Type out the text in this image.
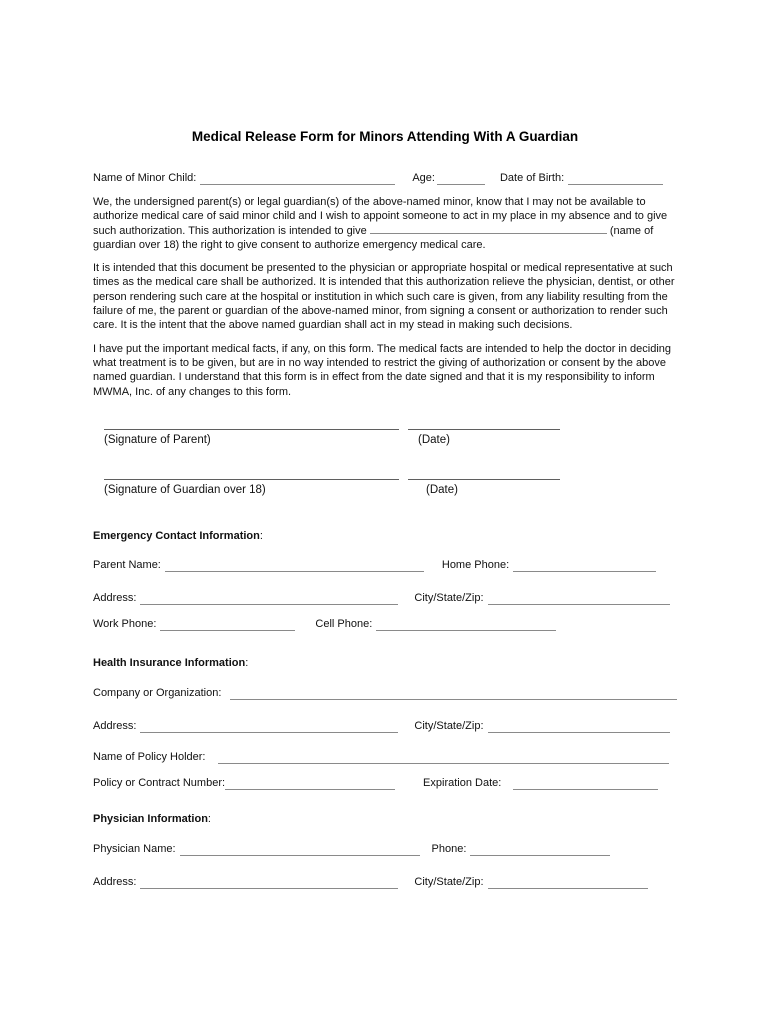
Medical Release Form for Minors Attending With A Guardian
Name of Minor Child:	Age:	Date of Birth:

We, the undersigned parent(s) or legal guardian(s) of the above-named minor, know that I may not be available to authorize medical care of said minor child and I wish to appoint someone to act in my place in my absence and to give such authorization. This authorization is intended to give	(name of guardian over 18) the right to give consent to authorize emergency medical care.

It is intended that this document be presented to the physician or appropriate hospital or medical representative at such times as the medical care shall be authorized. It is intended that this authorization relieve the physician, dentist, or other person rendering such care at the hospital or institution in which such care is given, from any liability resulting from the failure of me, the parent or guardian of the above-named minor, from signing a consent or authorization to render such care. It is the intent that the above named guardian shall act in my stead in making such decisions.

I have put the important medical facts, if any, on this form. The medical facts are intended to help the doctor in deciding what treatment is to be given, but are in no way intended to restrict the giving of authorization or consent by the above named guardian. I understand that this form is in effect from the date signed and that it is my responsibility to inform MWMA, Inc. of any changes to this form.

(Signature of Parent)	(Date)
(Signature of Guardian over 18)	(Date)
Emergency Contact Information:
Parent Name:	Home Phone:
Address:	City/State/Zip:
Work Phone:	Cell Phone:
Health Insurance Information:
Company or Organization:
Address:	City/State/Zip:
Name of Policy Holder:
Policy or Contract Number:	Expiration Date:
Physician Information:
Physician Name:	Phone:
Address:	City/State/Zip:
